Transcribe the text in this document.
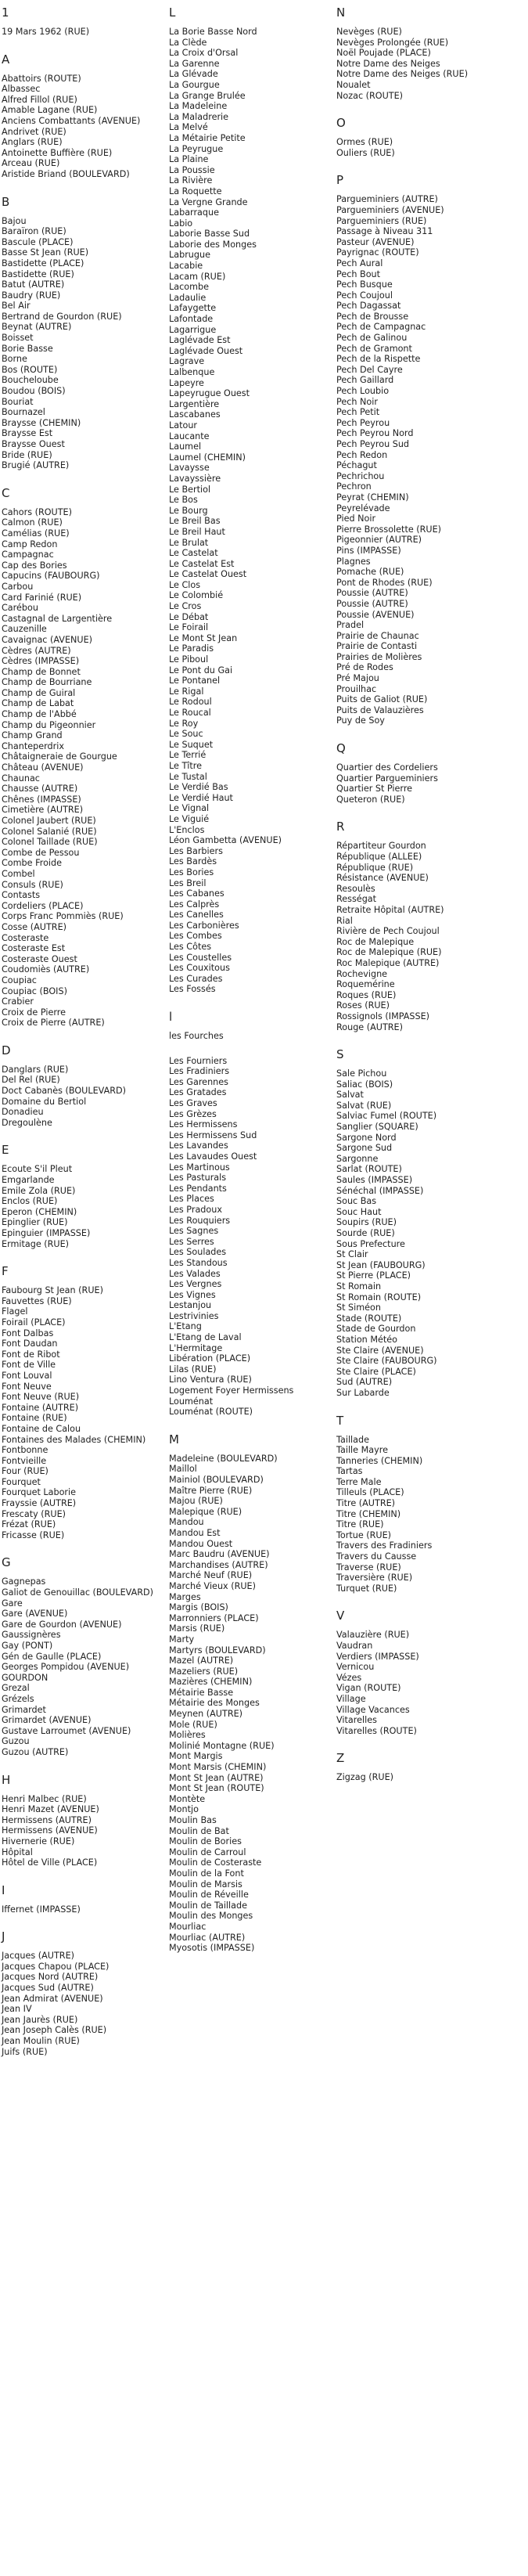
1
19 Mars 1962 (RUE)
A
Abattoirs (ROUTE)
Albassec
Alfred Fillol (RUE)
Amable Lagane (RUE)
Anciens Combattants (AVENUE)
Andrivet (RUE)
Anglars (RUE)
Antoinette Buffière (RUE)
Arceau (RUE)
Aristide Briand (BOULEVARD)
B
Bajou
Baraïron (RUE)
Bascule (PLACE)
Basse St Jean (RUE)
Bastidette (PLACE)
Bastidette (RUE)
Batut (AUTRE)
Baudry (RUE)
Bel Air
Bertrand de Gourdon (RUE)
Beynat (AUTRE)
Boisset
Borie Basse
Borne
Bos (ROUTE)
Boucheloube
Boudou (BOIS)
Bouriat
Bournazel
Braysse (CHEMIN)
Braysse Est
Braysse Ouest
Bride (RUE)
Brugié (AUTRE)
C
Cahors (ROUTE)
Calmon (RUE)
Camélias (RUE)
Camp Redon
Campagnac
Cap des Bories
Capucins (FAUBOURG)
Carbou
Card Farinié (RUE)
Carébou
Castagnal de Largentière
Cauzenille
Cavaignac (AVENUE)
Cèdres (AUTRE)
Cèdres (IMPASSE)
Champ de Bonnet
Champ de Bourriane
Champ de Guiral
Champ de Labat
Champ de l'Abbé
Champ du Pigeonnier
Champ Grand
Chanteperdrix
Châtaigneraie de Gourgue
Château (AVENUE)
Chaunac
Chausse (AUTRE)
Chênes (IMPASSE)
Cimetière (AUTRE)
Colonel Jaubert (RUE)
Colonel Salanié (RUE)
Colonel Taillade (RUE)
Combe de Pessou
Combe Froide
Combel
Consuls (RUE)
Contasts
Cordeliers (PLACE)
Corps Franc Pommiès (RUE)
Cosse (AUTRE)
Costeraste
Costeraste Est
Costeraste Ouest
Coudomiès (AUTRE)
Coupiac
Coupiac (BOIS)
Crabier
Croix de Pierre
Croix de Pierre (AUTRE)
D
Danglars (RUE)
Del Rel (RUE)
Doct Cabanès (BOULEVARD)
Domaine du Bertiol
Donadieu
Dregoulène
E
Ecoute S'il Pleut
Emgarlande
Emile Zola (RUE)
Enclos (RUE)
Eperon (CHEMIN)
Epinglier (RUE)
Epinguier (IMPASSE)
Ermitage (RUE)
F
Faubourg St Jean (RUE)
Fauvettes (RUE)
Flagel
Foirail (PLACE)
Font Dalbas
Font Daudan
Font de Ribot
Font de Ville
Font Louval
Font Neuve
Font Neuve (RUE)
Fontaine (AUTRE)
Fontaine (RUE)
Fontaine de Calou
Fontaines des Malades (CHEMIN)
Fontbonne
Fontvieille
Four (RUE)
Fourquet
Fourquet Laborie
Frayssie (AUTRE)
Frescaty (RUE)
Frézat (RUE)
Fricasse (RUE)
G
Gagnepas
Galiot de Genouillac (BOULEVARD)
Gare
Gare (AVENUE)
Gare de Gourdon (AVENUE)
Gaussignères
Gay (PONT)
Gén de Gaulle (PLACE)
Georges Pompidou (AVENUE)
GOURDON
Grezal
Grézels
Grimardet
Grimardet (AVENUE)
Gustave Larroumet (AVENUE)
Guzou
Guzou (AUTRE)
H
Henri Malbec (RUE)
Henri Mazet (AVENUE)
Hermissens (AUTRE)
Hermissens (AVENUE)
Hivernerie (RUE)
Hôpital
Hôtel de Ville (PLACE)
I
Iffernet (IMPASSE)
J
Jacques (AUTRE)
Jacques Chapou (PLACE)
Jacques Nord (AUTRE)
Jacques Sud (AUTRE)
Jean Admirat (AVENUE)
Jean IV
Jean Jaurès (RUE)
Jean Joseph Calès (RUE)
Jean Moulin (RUE)
Juifs (RUE)
L
La Borie Basse Nord
La Clède
La Croix d'Orsal
La Garenne
La Glévade
La Gourgue
La Grange Brulée
La Madeleine
La Maladrerie
La Melvé
La Métairie Petite
La Peyrugue
La Plaine
La Poussie
La Rivière
La Roquette
La Vergne Grande
Labarraque
Labio
Laborie Basse Sud
Laborie des Monges
Labrugue
Lacabie
Lacam (RUE)
Lacombe
Ladaulie
Lafaygette
Lafontade
Lagarrigue
Laglévade Est
Laglévade Ouest
Lagrave
Lalbenque
Lapeyre
Lapeyrugue Ouest
Largentière
Lascabanes
Latour
Laucante
Laumel
Laumel (CHEMIN)
Lavaysse
Lavayssière
Le Bertiol
Le Bos
Le Bourg
Le Breil Bas
Le Breil Haut
Le Brulat
Le Castelat
Le Castelat Est
Le Castelat Ouest
Le Clos
Le Colombié
Le Cros
Le Débat
Le Foirail
Le Mont St Jean
Le Paradis
Le Piboul
Le Pont du Gai
Le Pontanel
Le Rigal
Le Rodoul
Le Roucal
Le Roy
Le Souc
Le Suquet
Le Terrié
Le Tître
Le Tustal
Le Verdié Bas
Le Verdié Haut
Le Vignal
Le Viguié
L'Enclos
Léon Gambetta (AVENUE)
Les Barbiers
Les Bardès
Les Bories
Les Breil
Les Cabanes
Les Calprès
Les Canelles
Les Carbonières
Les Combes
Les Côtes
Les Coustelles
Les Couxitous
Les Curades
Les Fossés
l
les Fourches
Les Fourniers
Les Fradiniers
Les Garennes
Les Gratades
Les Graves
Les Grèzes
Les Hermissens
Les Hermissens Sud
Les Lavandes
Les Lavaudes Ouest
Les Martinous
Les Pasturals
Les Pendants
Les Places
Les Pradoux
Les Rouquiers
Les Sagnes
Les Serres
Les Soulades
Les Standous
Les Valades
Les Vergnes
Les Vignes
Lestanjou
Lestrivinies
L'Etang
L'Etang de Laval
L'Hermitage
Libération (PLACE)
Lilas (RUE)
Lino Ventura (RUE)
Logement Foyer Hermissens
Louménat
Louménat (ROUTE)
M
Madeleine (BOULEVARD)
Maillol
Mainiol (BOULEVARD)
Maître Pierre (RUE)
Majou (RUE)
Malepique (RUE)
Mandou
Mandou Est
Mandou Ouest
Marc Baudru (AVENUE)
Marchandises (AUTRE)
Marché Neuf (RUE)
Marché Vieux (RUE)
Marges
Margis (BOIS)
Marronniers (PLACE)
Marsis (RUE)
Marty
Martyrs (BOULEVARD)
Mazel (AUTRE)
Mazeliers (RUE)
Mazières (CHEMIN)
Métairie Basse
Métairie des Monges
Meynen (AUTRE)
Mole (RUE)
Molières
Molinié Montagne (RUE)
Mont Margis
Mont Marsis (CHEMIN)
Mont St Jean (AUTRE)
Mont St Jean (ROUTE)
Montète
Montjo
Moulin Bas
Moulin de Bat
Moulin de Bories
Moulin de Carroul
Moulin de Costeraste
Moulin de la Font
Moulin de Marsis
Moulin de Réveille
Moulin de Taillade
Moulin des Monges
Mourliac
Mourliac (AUTRE)
Myosotis (IMPASSE)
N
Nevèges (RUE)
Nevèges Prolongée (RUE)
Noël Poujade (PLACE)
Notre Dame des Neiges
Notre Dame des Neiges (RUE)
Noualet
Nozac (ROUTE)
O
Ormes (RUE)
Ouliers (RUE)
P
Pargueminiers (AUTRE)
Pargueminiers (AVENUE)
Pargueminiers (RUE)
Passage à Niveau 311
Pasteur (AVENUE)
Payrignac (ROUTE)
Pech Aural
Pech Bout
Pech Busque
Pech Coujoul
Pech Dagassat
Pech de Brousse
Pech de Campagnac
Pech de Galinou
Pech de Gramont
Pech de la Rispette
Pech Del Cayre
Pech Gaillard
Pech Loubio
Pech Noir
Pech Petit
Pech Peyrou
Pech Peyrou Nord
Pech Peyrou Sud
Pech Redon
Péchagut
Pechrichou
Pechron
Peyrat (CHEMIN)
Peyrelévade
Pied Noir
Pierre Brossolette (RUE)
Pigeonnier (AUTRE)
Pins (IMPASSE)
Plagnes
Pomache (RUE)
Pont de Rhodes (RUE)
Poussie (AUTRE)
Poussie (AUTRE)
Poussie (AVENUE)
Pradel
Prairie de Chaunac
Prairie de Contasti
Prairies de Molières
Pré de Rodes
Pré Majou
Prouilhac
Puits de Galiot (RUE)
Puits de Valauzières
Puy de Soy
Q
Quartier des Cordeliers
Quartier Pargueminiers
Quartier St Pierre
Queteron (RUE)
R
Répartiteur Gourdon
République (ALLEE)
République (RUE)
Résistance (AVENUE)
Resoulès
Rességat
Retraite Hôpital (AUTRE)
Rial
Rivière de Pech Coujoul
Roc de Malepique
Roc de Malepique (RUE)
Roc Malepique (AUTRE)
Rochevigne
Roquemérine
Roques (RUE)
Roses (RUE)
Rossignols (IMPASSE)
Rouge (AUTRE)
S
Sale Pichou
Saliac (BOIS)
Salvat
Salvat (RUE)
Salviac Fumel (ROUTE)
Sanglier (SQUARE)
Sargone Nord
Sargone Sud
Sargonne
Sarlat (ROUTE)
Saules (IMPASSE)
Sénéchal (IMPASSE)
Souc Bas
Souc Haut
Soupirs (RUE)
Sourde (RUE)
Sous Prefecture
St Clair
St Jean (FAUBOURG)
St Pierre (PLACE)
St Romain
St Romain (ROUTE)
St Siméon
Stade (ROUTE)
Stade de Gourdon
Station Météo
Ste Claire (AVENUE)
Ste Claire (FAUBOURG)
Ste Claire (PLACE)
Sud (AUTRE)
Sur Labarde
T
Taillade
Taille Mayre
Tanneries (CHEMIN)
Tartas
Terre Male
Tilleuls (PLACE)
Titre (AUTRE)
Titre (CHEMIN)
Titre (RUE)
Tortue (RUE)
Travers des Fradiniers
Travers du Causse
Traverse (RUE)
Traversière (RUE)
Turquet (RUE)
V
Valauzière (RUE)
Vaudran
Verdiers (IMPASSE)
Vernicou
Vézes
Vigan (ROUTE)
Village
Village Vacances
Vitarelles
Vitarelles (ROUTE)
Z
Zigzag (RUE)
